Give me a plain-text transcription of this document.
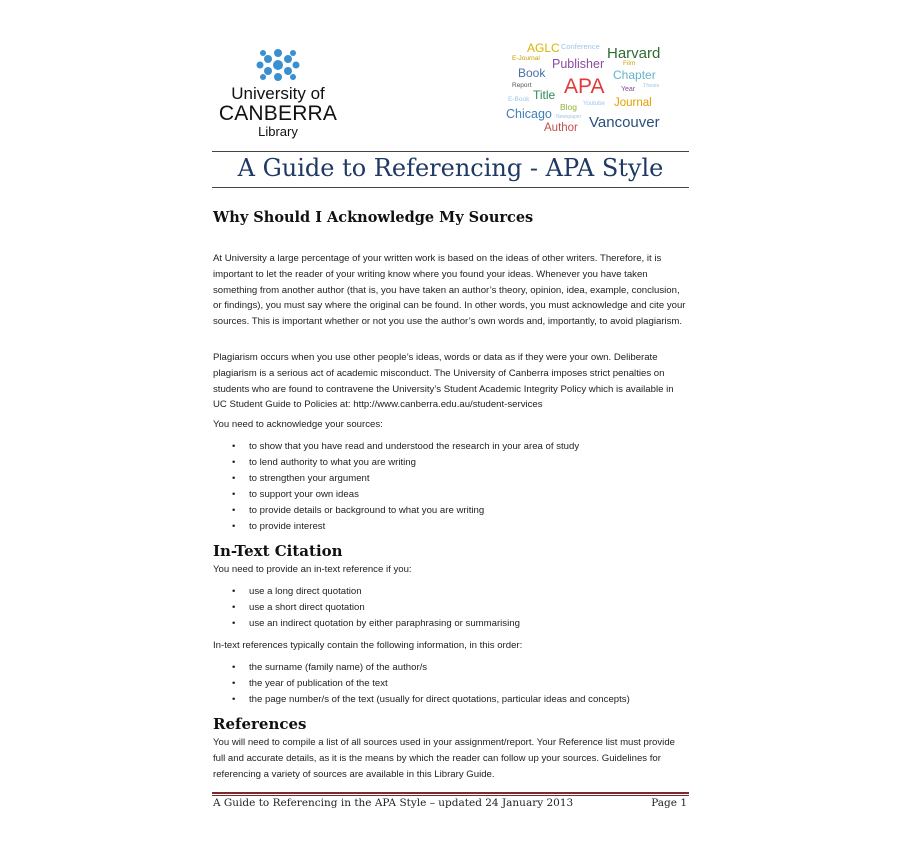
University of
CANBERRA
Library
AGLC Conference Harvard
E-Journal Publisher	Film
Book	Chapter
Report APA Year Thesis
E-Book Title
Youtube Journal
Blog
Chicago Newspaper
Author Vancouver
A Guide to Referencing - APA Style
Why Should I Acknowledge My Sources

At University a large percentage of your written work is based on the ideas of other writers. Therefore, it is important to let the reader of your writing know where you found your ideas. Whenever you have taken something from another author (that is, you have taken an author’s theory, opinion, idea, example, conclusion, or findings), you must say where the original can be found. In other words, you must acknowledge and cite your sources. This is important whether or not you use the author’s own words and, importantly, to avoid plagiarism.

Plagiarism occurs when you use other people’s ideas, words or data as if they were your own. Deliberate plagiarism is a serious act of academic misconduct. The University of Canberra imposes strict penalties on students who are found to contravene the University’s Student Academic Integrity Policy which is available in UC Student Guide to Policies at: http://www.canberra.edu.au/student-services

You need to acknowledge your sources:

• to show that you have read and understood the research in your area of study
• to lend authority to what you are writing
• to strengthen your argument
• to support your own ideas
• to provide details or background to what you are writing
• to provide interest
In-Text Citation

You need to provide an in-text reference if you:

• use a long direct quotation
• use a short direct quotation
• use an indirect quotation by either paraphrasing or summarising

In-text references typically contain the following information, in this order:

• the surname (family name) of the author/s
• the year of publication of the text
• the page number/s of the text (usually for direct quotations, particular ideas and concepts)
References

You will need to compile a list of all sources used in your assignment/report. Your Reference list must provide full and accurate details, as it is the means by which the reader can follow up your sources. Guidelines for referencing a variety of sources are available in this Library Guide.

A Guide to Referencing in the APA Style – updated 24 January 2013	Page 1
